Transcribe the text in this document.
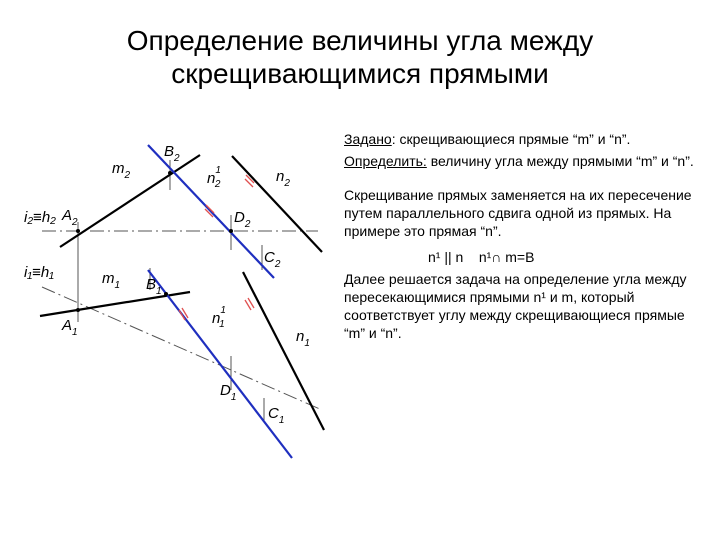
Определение величины угла между
скрещивающимися прямыми
$m_2$
$B_2$
$n^1$ 2	$n_2$
i₂≡h₂ $A_2$	$D_2$
$C_2$
i₁≡h₁	$m_1$ $B_1$
$A_1$
$n^1$ 1
$n_1$
$D_1$
$C_1$

Задано: скрещивающиеся прямые “m” и “n”.

Определить: величину угла между прямыми “m” и “n”.

Скрещивание прямых заменяется на их пересечение путем параллельного сдвига одной из прямых. На примере это прямая “n”.

n¹ || n    n¹∩ m=B

Далее решается задача на определение угла между пересекающимися прямыми n¹ и m, который соответствует углу между скрещивающиеся прямые “m” и “n”.
